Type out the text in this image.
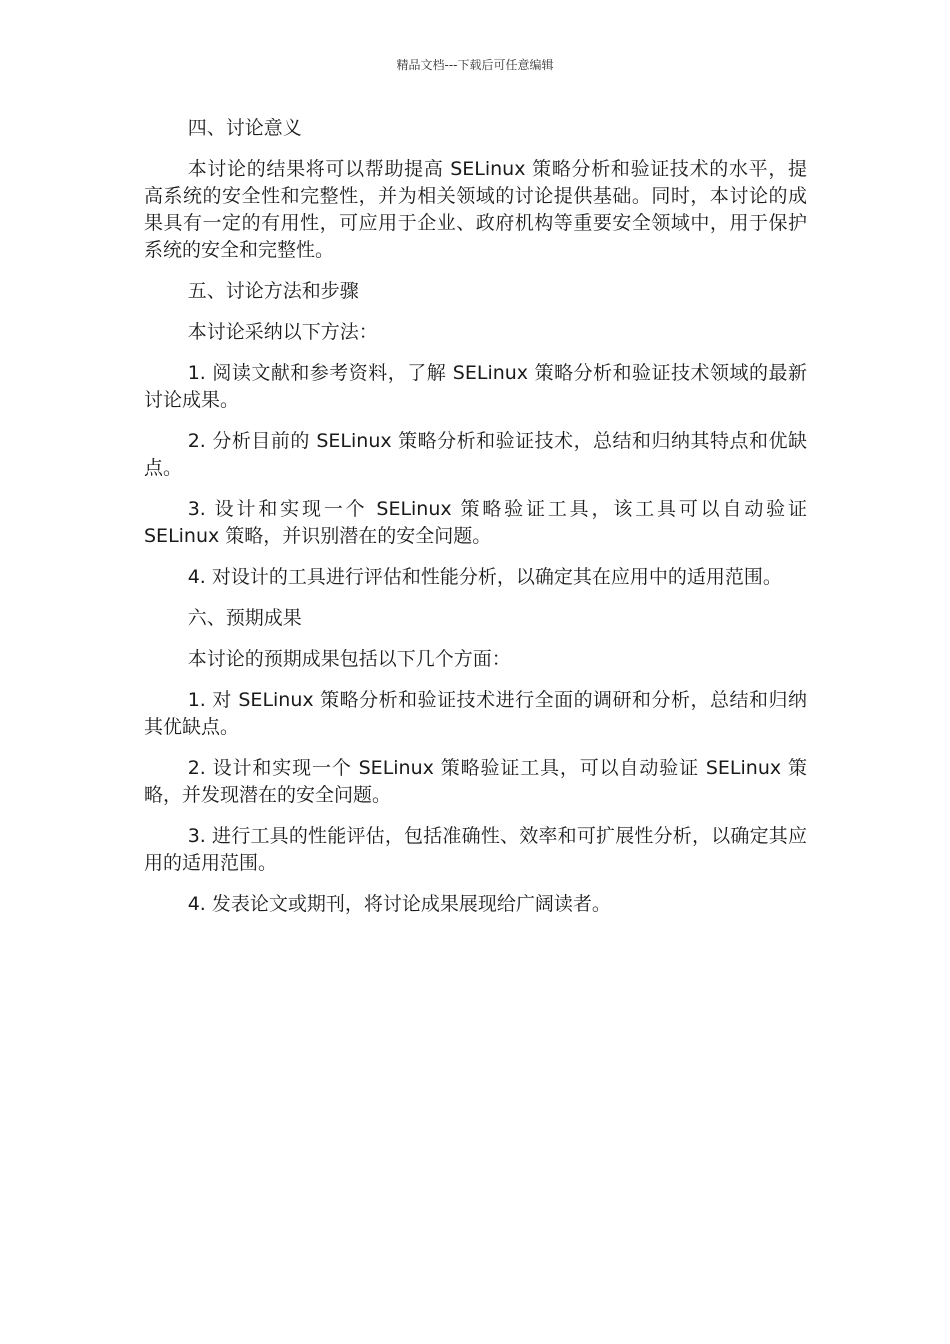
精品文档---下载后可任意编辑

四、讨论意义

本讨论的结果将可以帮助提高 SELinux 策略分析和验证技术的水平，提高系统的安全性和完整性，并为相关领域的讨论提供基础。同时，本讨论的成果具有一定的有用性，可应用于企业、政府机构等重要安全领域中，用于保护系统的安全和完整性。

五、讨论方法和步骤

本讨论采纳以下方法：

1. 阅读文献和参考资料，了解 SELinux 策略分析和验证技术领域的最新讨论成果。

2. 分析目前的 SELinux 策略分析和验证技术，总结和归纳其特点和优缺点。

3. 设计和实现一个 SELinux 策略验证工具，该工具可以自动验证 SELinux 策略，并识别潜在的安全问题。

4. 对设计的工具进行评估和性能分析，以确定其在应用中的适用范围。

六、预期成果

本讨论的预期成果包括以下几个方面：

1. 对 SELinux 策略分析和验证技术进行全面的调研和分析，总结和归纳其优缺点。

2. 设计和实现一个 SELinux 策略验证工具，可以自动验证 SELinux 策略，并发现潜在的安全问题。

3. 进行工具的性能评估，包括准确性、效率和可扩展性分析，以确定其应用的适用范围。

4. 发表论文或期刊，将讨论成果展现给广阔读者。
